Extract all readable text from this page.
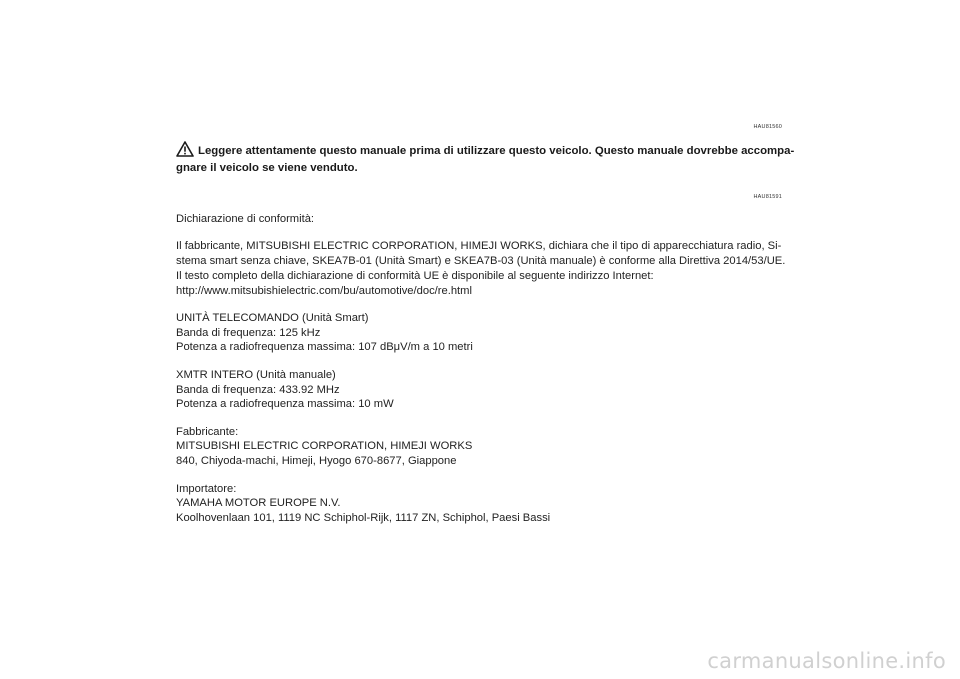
HAU81560
Leggere attentamente questo manuale prima di utilizzare questo veicolo. Questo manuale dovrebbe accompa-
gnare il veicolo se viene venduto.
HAU81591
Dichiarazione di conformità:
Il fabbricante, MITSUBISHI ELECTRIC CORPORATION, HIMEJI WORKS, dichiara che il tipo di apparecchiatura radio, Si-
stema smart senza chiave, SKEA7B-01 (Unità Smart) e SKEA7B-03 (Unità manuale) è conforme alla Direttiva 2014/53/UE.
Il testo completo della dichiarazione di conformità UE è disponibile al seguente indirizzo Internet:
http://www.mitsubishielectric.com/bu/automotive/doc/re.html
UNITÀ TELECOMANDO (Unità Smart)
Banda di frequenza: 125 kHz
Potenza a radiofrequenza massima: 107 dBμV/m a 10 metri
XMTR INTERO (Unità manuale)
Banda di frequenza: 433.92 MHz
Potenza a radiofrequenza massima: 10 mW
Fabbricante:
MITSUBISHI ELECTRIC CORPORATION, HIMEJI WORKS
840, Chiyoda-machi, Himeji, Hyogo 670-8677, Giappone
Importatore:
YAMAHA MOTOR EUROPE N.V.
Koolhovenlaan 101, 1119 NC Schiphol-Rijk, 1117 ZN, Schiphol, Paesi Bassi
carmanualsonline.info
